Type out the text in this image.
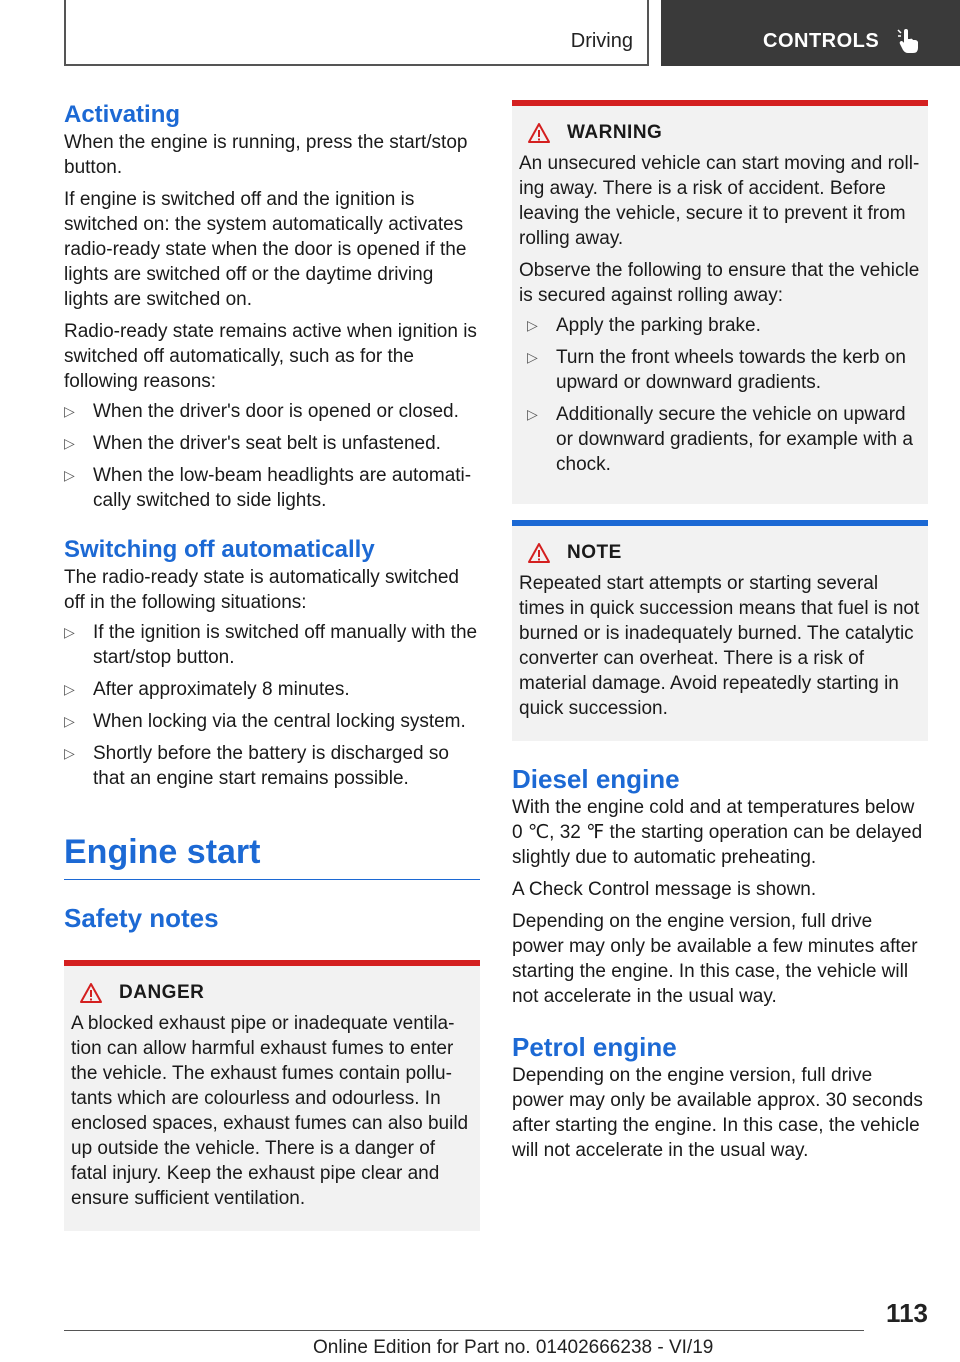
Driving	CONTROLS
Activating

When the engine is running, press the start/stop button.

If engine is switched off and the ignition is switched on: the system automatically activates radio-ready state when the door is opened if the lights are switched off or the daytime driving lights are switched on.

Radio-ready state remains active when ignition is switched off automatically, such as for the following reasons:

▷ When the driver's door is opened or closed.
▷ When the driver's seat belt is unfastened.
▷ When the low-beam headlights are automatically switched to side lights.
Switching off automatically

The radio-ready state is automatically switched off in the following situations:

▷ If the ignition is switched off manually with the start/stop button.
▷ After approximately 8 minutes.
▷ When locking via the central locking system.
▷ Shortly before the battery is discharged so that an engine start remains possible.
Engine start
Safety notes
DANGER

A blocked exhaust pipe or inadequate ventilation can allow harmful exhaust fumes to enter the vehicle. The exhaust fumes contain pollutants which are colourless and odourless. In enclosed spaces, exhaust fumes can also build up outside the vehicle. There is a danger of fatal injury. Keep the exhaust pipe clear and ensure sufficient ventilation.

WARNING

An unsecured vehicle can start moving and rolling away. There is a risk of accident. Before leaving the vehicle, secure it to prevent it from rolling away.

Observe the following to ensure that the vehicle is secured against rolling away:

▷ Apply the parking brake.
▷ Turn the front wheels towards the kerb on upward or downward gradients.
▷ Additionally secure the vehicle on upward or downward gradients, for example with a chock.
NOTE

Repeated start attempts or starting several times in quick succession means that fuel is not burned or is inadequately burned. The catalytic converter can overheat. There is a risk of material damage. Avoid repeatedly starting in quick succession.

Diesel engine

With the engine cold and at temperatures below 0 ℃, 32 ℉ the starting operation can be delayed slightly due to automatic preheating.

A Check Control message is shown.

Depending on the engine version, full drive power may only be available a few minutes after starting the engine. In this case, the vehicle will not accelerate in the usual way.

Petrol engine

Depending on the engine version, full drive power may only be available approx. 30 seconds after starting the engine. In this case, the vehicle will not accelerate in the usual way.

113
Online Edition for Part no. 01402666238 - VI/19
